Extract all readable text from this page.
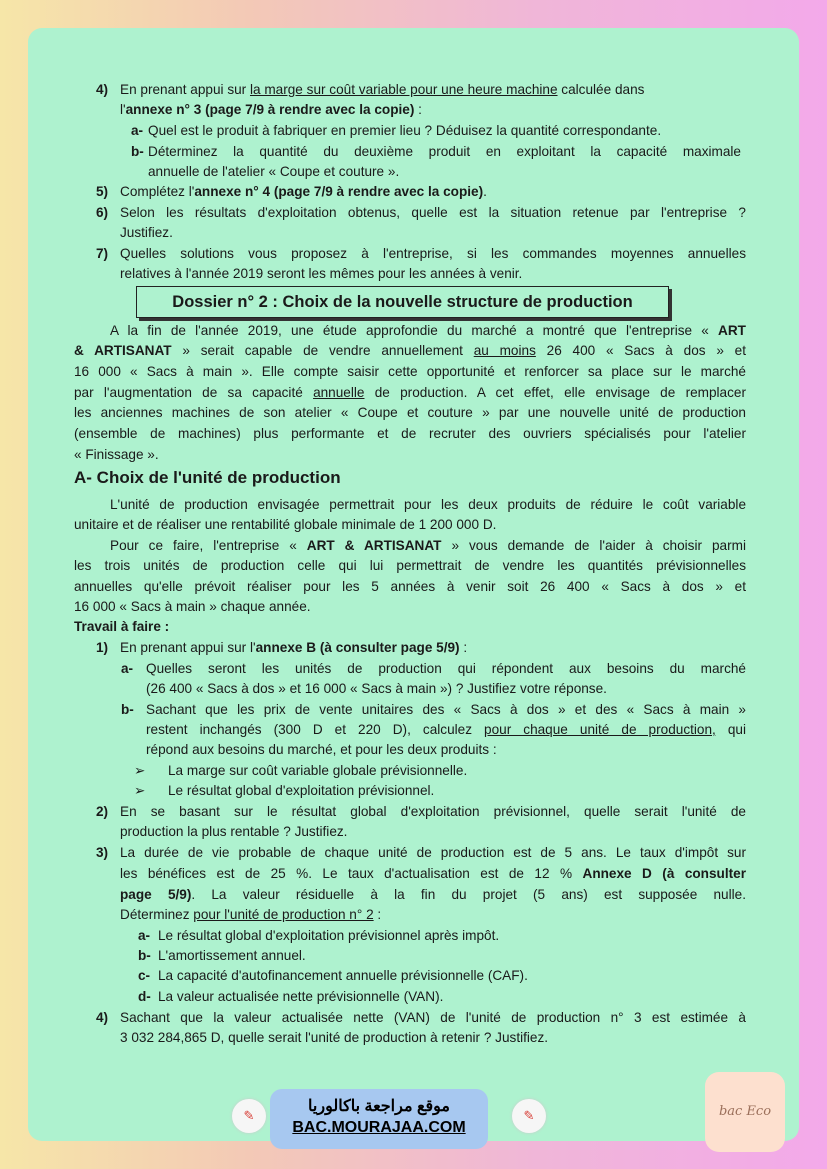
4) En prenant appui sur la marge sur coût variable pour une heure machine calculée dans
l'annexe n° 3 (page 7/9 à rendre avec la copie) :
a- Quel est le produit à fabriquer en premier lieu ? Déduisez la quantité correspondante.
b- Déterminez la quantité du deuxième produit en exploitant la capacité maximale
annuelle de l'atelier « Coupe et couture ».
5) Complétez l'annexe n° 4 (page 7/9 à rendre avec la copie).
6) Selon les résultats d'exploitation obtenus, quelle est la situation retenue par l'entreprise ?
Justifiez.
7) Quelles solutions vous proposez à l'entreprise, si les commandes moyennes annuelles
relatives à l'année 2019 seront les mêmes pour les années à venir.
Dossier n° 2 : Choix de la nouvelle structure de production
A la fin de l'année 2019, une étude approfondie du marché a montré que l'entreprise « ART
& ARTISANAT » serait capable de vendre annuellement au moins 26 400 « Sacs à dos » et
16 000 « Sacs à main ». Elle compte saisir cette opportunité et renforcer sa place sur le marché
par l'augmentation de sa capacité annuelle de production. A cet effet, elle envisage de remplacer
les anciennes machines de son atelier « Coupe et couture » par une nouvelle unité de production
(ensemble de machines) plus performante et de recruter des ouvriers spécialisés pour l'atelier
« Finissage ».
A- Choix de l'unité de production
L'unité de production envisagée permettrait pour les deux produits de réduire le coût variable
unitaire et de réaliser une rentabilité globale minimale de 1 200 000 D.
Pour ce faire, l'entreprise « ART & ARTISANAT » vous demande de l'aider à choisir parmi
les trois unités de production celle qui lui permettrait de vendre les quantités prévisionnelles
annuelles qu'elle prévoit réaliser pour les 5 années à venir soit 26 400 « Sacs à dos » et
16 000 « Sacs à main » chaque année.
Travail à faire :
1) En prenant appui sur l'annexe B (à consulter page 5/9) :
a- Quelles seront les unités de production qui répondent aux besoins du marché
(26 400 « Sacs à dos » et 16 000 « Sacs à main ») ? Justifiez votre réponse.
b- Sachant que les prix de vente unitaires des « Sacs à dos » et des « Sacs à main »
restent inchangés (300 D et 220 D), calculez pour chaque unité de production, qui
répond aux besoins du marché, et pour les deux produits :
➢ La marge sur coût variable globale prévisionnelle.
➢ Le résultat global d'exploitation prévisionnel.
2) En se basant sur le résultat global d'exploitation prévisionnel, quelle serait l'unité de
production la plus rentable ? Justifiez.
3) La durée de vie probable de chaque unité de production est de 5 ans. Le taux d'impôt sur
les bénéfices est de 25 %. Le taux d'actualisation est de 12 % Annexe D (à consulter
page 5/9). La valeur résiduelle à la fin du projet (5 ans) est supposée nulle.
Déterminez pour l'unité de production n° 2 :
a- Le résultat global d'exploitation prévisionnel après impôt.
b- L'amortissement annuel.
c- La capacité d'autofinancement annuelle prévisionnelle (CAF).
d- La valeur actualisée nette prévisionnelle (VAN).
4) Sachant que la valeur actualisée nette (VAN) de l'unité de production n° 3 est estimée à
3 032 284,865 D, quelle serait l'unité de production à retenir ? Justifiez.
✎
موقع مراجعة باكالوريا
BAC.MOURAJAA.COM
✎	bac Eco
